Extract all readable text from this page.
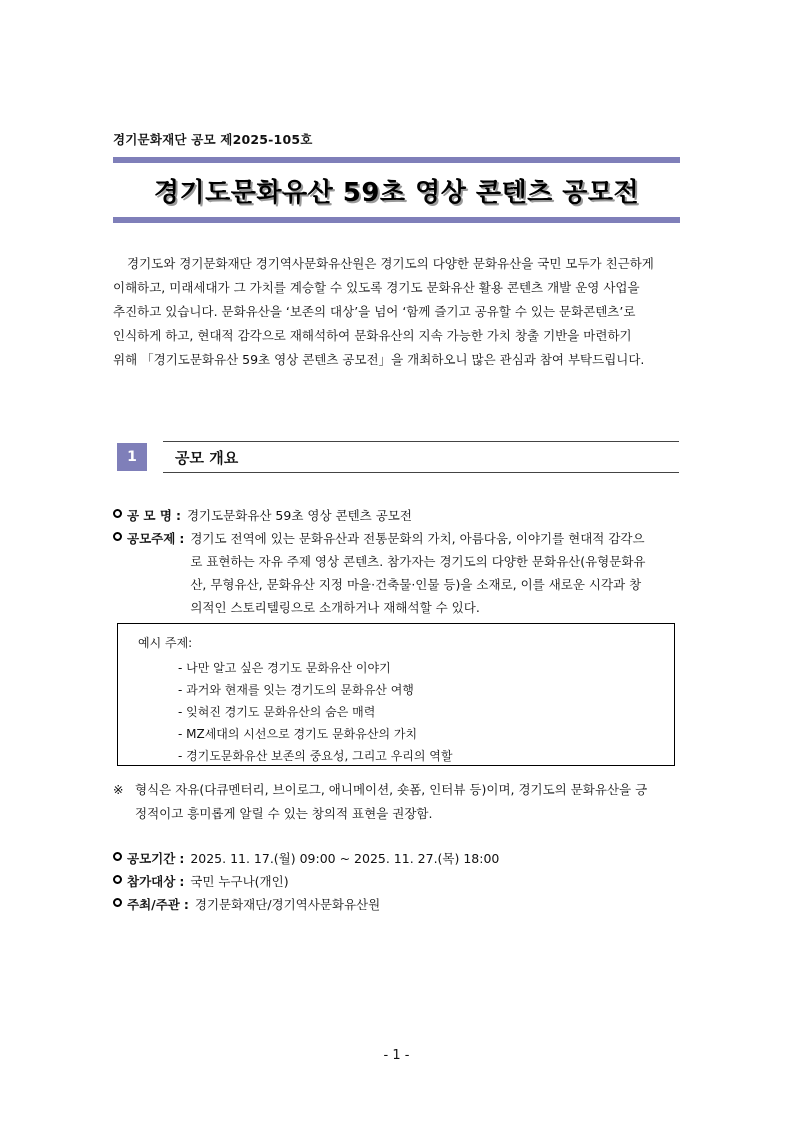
경기문화재단 공모 제2025-105호
경기도문화유산 59초 영상 콘텐츠 공모전

경기도와 경기문화재단 경기역사문화유산원은 경기도의 다양한 문화유산을 국민 모두가 친근하게

이해하고, 미래세대가 그 가치를 계승할 수 있도록 경기도 문화유산 활용 콘텐츠 개발 운영 사업을

추진하고 있습니다. 문화유산을 ‘보존의 대상’을 넘어 ‘함께 즐기고 공유할 수 있는 문화콘텐츠’로

인식하게 하고, 현대적 감각으로 재해석하여 문화유산의 지속 가능한 가치 창출 기반을 마련하기

위해 「경기도문화유산 59초 영상 콘텐츠 공모전」을 개최하오니 많은 관심과 참여 부탁드립니다.

1	공모 개요
공 모 명 : 경기도문화유산 59초 영상 콘텐츠 공모전
공모주제 : 경기도 전역에 있는 문화유산과 전통문화의 가치, 아름다움, 이야기를 현대적 감각으
로 표현하는 자유 주제 영상 콘텐츠. 참가자는 경기도의 다양한 문화유산(유형문화유
산, 무형유산, 문화유산 지정 마을·건축물·인물 등)을 소재로, 이를 새로운 시각과 창
의적인 스토리텔링으로 소개하거나 재해석할 수 있다.
예시 주제:
- 나만 알고 싶은 경기도 문화유산 이야기
- 과거와 현재를 잇는 경기도의 문화유산 여행
- 잊혀진 경기도 문화유산의 숨은 매력
- MZ세대의 시선으로 경기도 문화유산의 가치
- 경기도문화유산 보존의 중요성, 그리고 우리의 역할
※ 형식은 자유(다큐멘터리, 브이로그, 애니메이션, 숏폼, 인터뷰 등)이며, 경기도의 문화유산을 긍
정적이고 흥미롭게 알릴 수 있는 창의적 표현을 권장함.
공모기간 : 2025. 11. 17.(월) 09:00 ~ 2025. 11. 27.(목) 18:00
참가대상 : 국민 누구나(개인)
주최/주관 : 경기문화재단/경기역사문화유산원
- 1 -
